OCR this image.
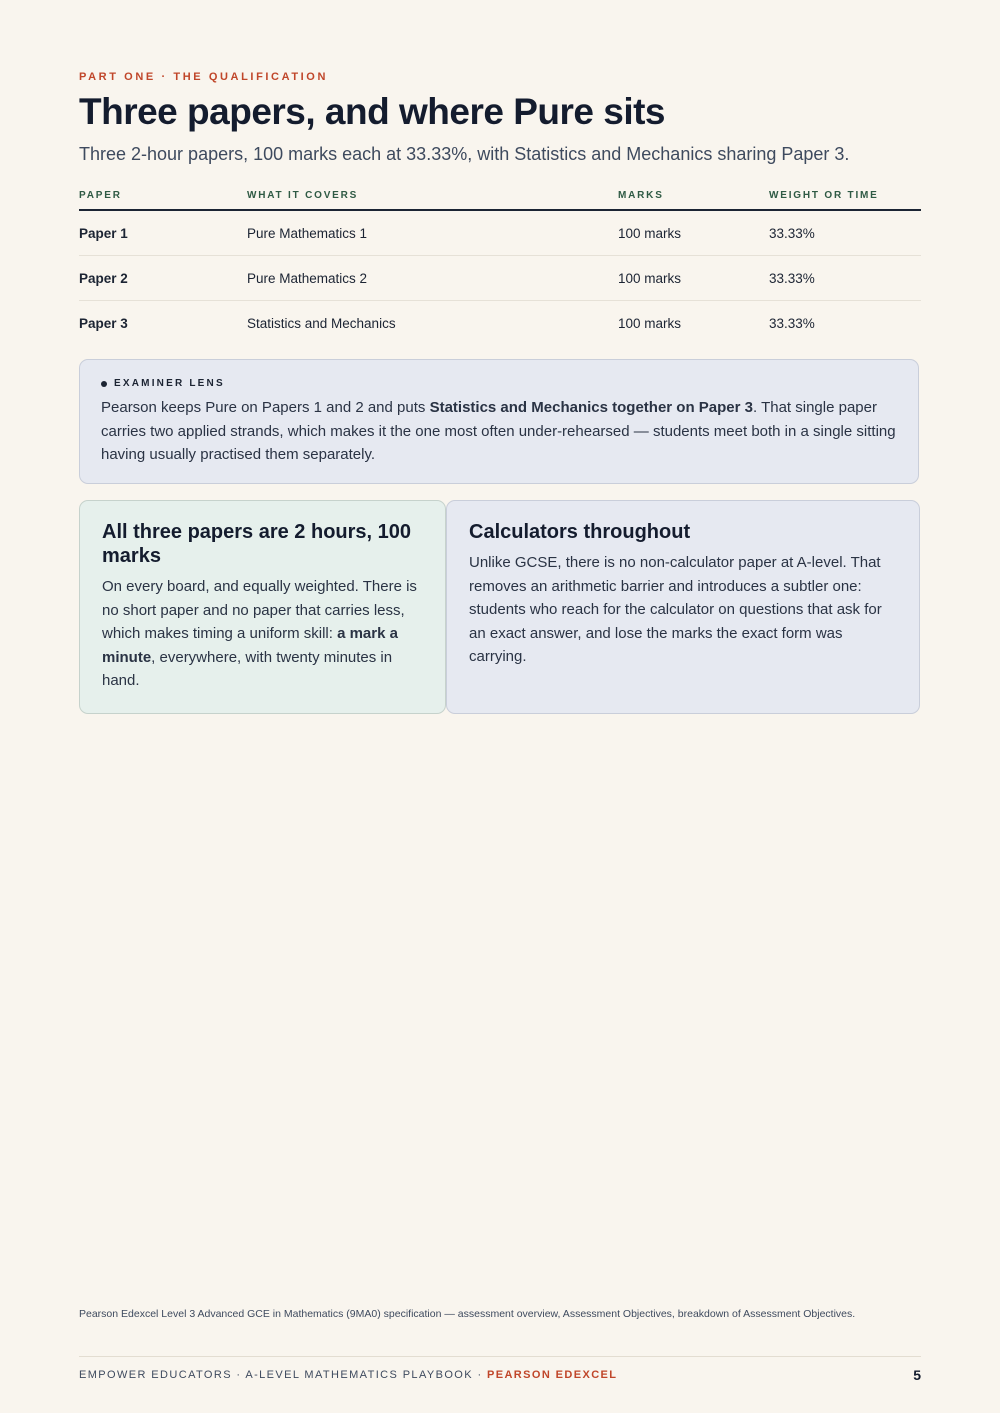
PART ONE · THE QUALIFICATION
Three papers, and where Pure sits

Three 2-hour papers, 100 marks each at 33.33%, with Statistics and Mechanics sharing Paper 3.

PAPER	WHAT IT COVERS	MARKS	WEIGHT OR TIME
Paper 1	Pure Mathematics 1	100 marks	33.33%
Paper 2	Pure Mathematics 2	100 marks	33.33%
Paper 3	Statistics and Mechanics	100 marks	33.33%
EXAMINER LENS

Pearson keeps Pure on Papers 1 and 2 and puts Statistics and Mechanics together on Paper 3. That single paper carries two applied strands, which makes it the one most often under-rehearsed — students meet both in a single sitting having usually practised them separately.

All three papers are 2 hours, 100 marks

On every board, and equally weighted. There is no short paper and no paper that carries less, which makes timing a uniform skill: a mark a minute, everywhere, with twenty minutes in hand.

Calculators throughout

Unlike GCSE, there is no non-calculator paper at A-level. That removes an arithmetic barrier and introduces a subtler one: students who reach for the calculator on questions that ask for an exact answer, and lose the marks the exact form was carrying.

Pearson Edexcel Level 3 Advanced GCE in Mathematics (9MA0) specification — assessment overview, Assessment Objectives, breakdown of Assessment Objectives.
EMPOWER EDUCATORS · A-LEVEL MATHEMATICS PLAYBOOK · PEARSON EDEXCEL	5
